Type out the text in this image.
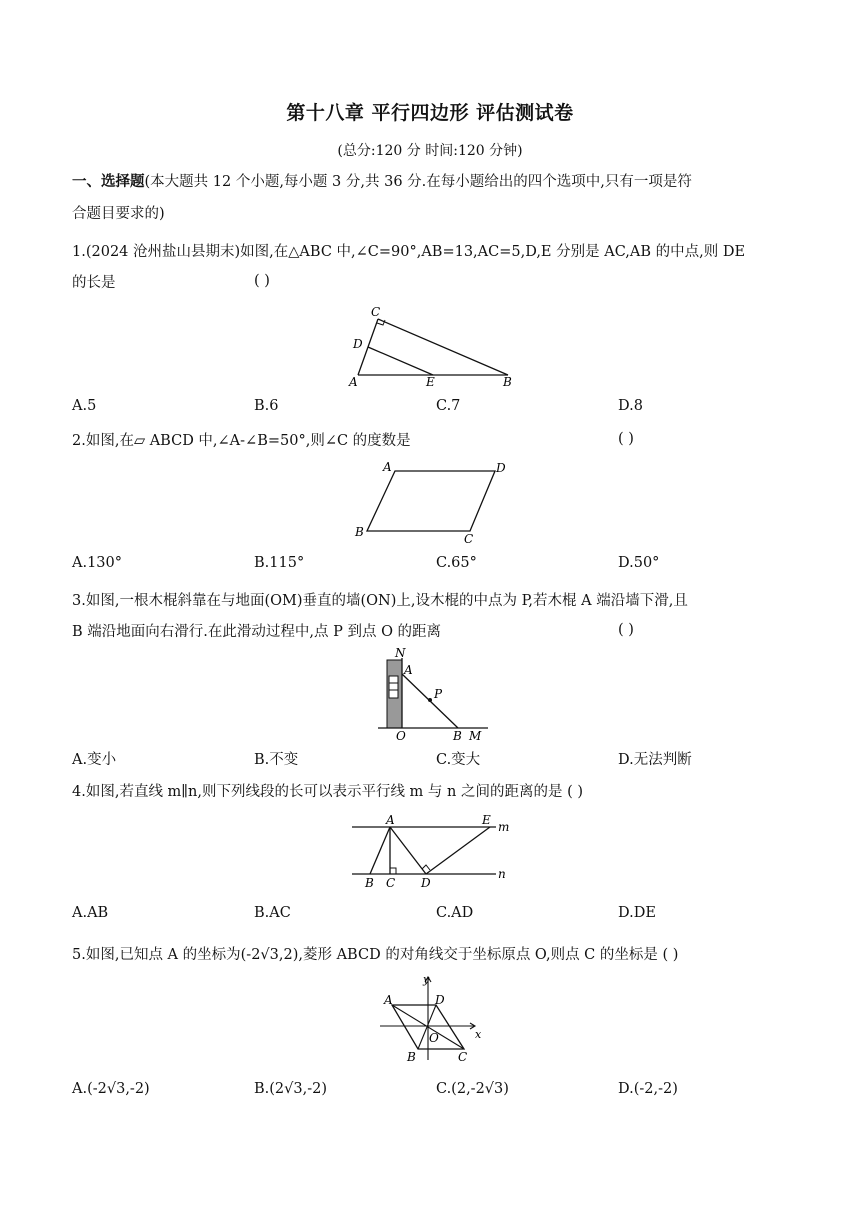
第十八章 平行四边形 评估测试卷
(总分:120 分 时间:120 分钟)
一、选择题(本大题共 12 个小题,每小题 3 分,共 36 分.在每小题给出的四个选项中,只有一项是符
合题目要求的)
1.(2024 沧州盐山县期末)如图,在△ABC 中,∠C=90°,AB=13,AC=5,D,E 分别是 AC,AB 的中点,则 DE
的长是	( )
C
D
A	E	B
A.5	B.6	C.7	D.8
2.如图,在▱ ABCD 中,∠A-∠B=50°,则∠C 的度数是	( )
A	D
B	C
A.130°	B.115°	C.65°	D.50°
3.如图,一根木棍斜靠在与地面(OM)垂直的墙(ON)上,设木棍的中点为 P,若木棍 A 端沿墙下滑,且
B 端沿地面向右滑行.在此滑动过程中,点 P 到点 O 的距离	( )
N
A
P
O	B M
A.变小	B.不变	C.变大	D.无法判断
4.如图,若直线 m∥n,则下列线段的长可以表示平行线 m 与 n 之间的距离的是 ( )
A	E m
B C D
n
A.AB	B.AC	C.AD	D.DE
5.如图,已知点 A 的坐标为(-2√3,2),菱形 ABCD 的对角线交于坐标原点 O,则点 C 的坐标是 ( )
y
A	D
x
O
B	C
A.(-2√3,-2)	B.(2√3,-2)	C.(2,-2√3)	D.(-2,-2)
